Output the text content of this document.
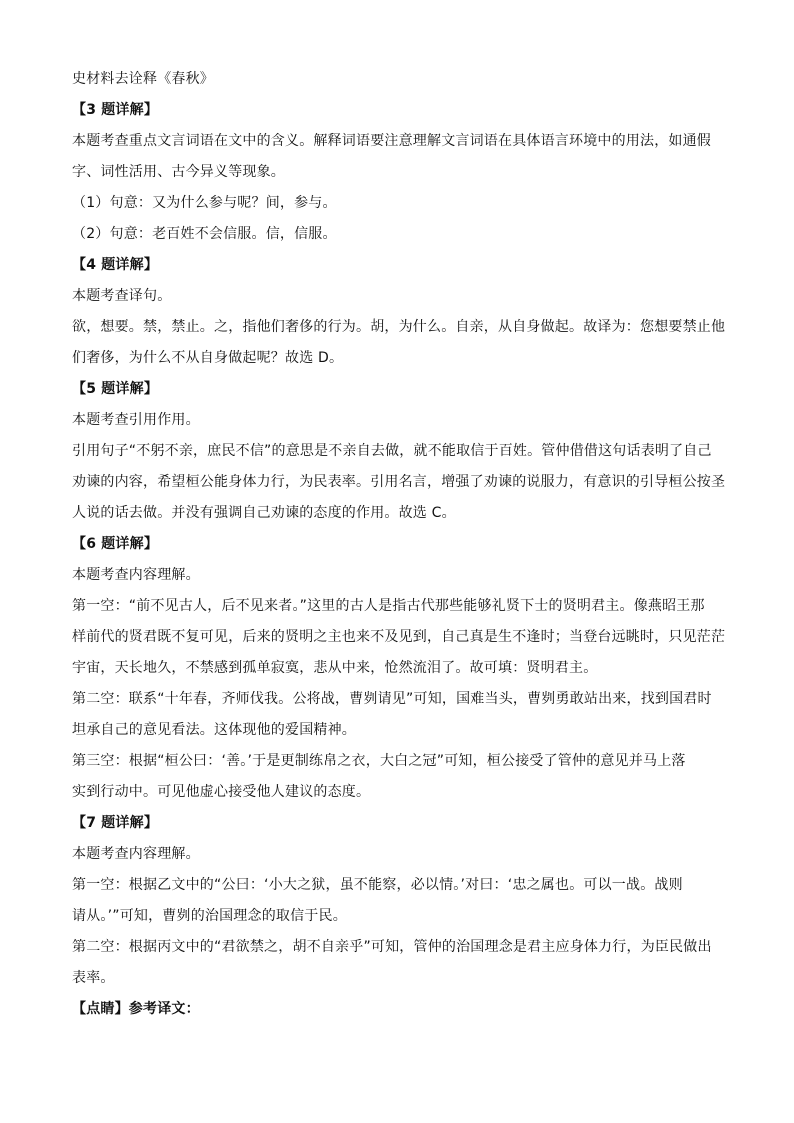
史材料去诠释《春秋》
【3 题详解】
本题考查重点文言词语在文中的含义。解释词语要注意理解文言词语在具体语言环境中的用法，如通假
字、词性活用、古今异义等现象。
（1）句意：又为什么参与呢？间，参与。
（2）句意：老百姓不会信服。信，信服。
【4 题详解】
本题考查译句。
欲，想要。禁，禁止。之，指他们奢侈的行为。胡，为什么。自亲，从自身做起。故译为：您想要禁止他
们奢侈，为什么不从自身做起呢？故选 D。
【5 题详解】
本题考查引用作用。
引用句子“不躬不亲，庶民不信”的意思是不亲自去做，就不能取信于百姓。管仲借借这句话表明了自己
劝谏的内容，希望桓公能身体力行，为民表率。引用名言，增强了劝谏的说服力，有意识的引导桓公按圣
人说的话去做。并没有强调自己劝谏的态度的作用。故选 C。
【6 题详解】
本题考查内容理解。
第一空：“前不见古人，后不见来者。”这里的古人是指古代那些能够礼贤下士的贤明君主。像燕昭王那
样前代的贤君既不复可见，后来的贤明之主也来不及见到，自己真是生不逢时；当登台远眺时，只见茫茫
宇宙，天长地久，不禁感到孤单寂寞，悲从中来，怆然流泪了。故可填：贤明君主。
第二空：联系“十年春，齐师伐我。公将战，曹刿请见”可知，国难当头，曹刿勇敢站出来，找到国君时
坦承自己的意见看法。这体现他的爱国精神。
第三空：根据“桓公曰：‘善。’于是更制练帛之衣，大白之冠”可知，桓公接受了管仲的意见并马上落
实到行动中。可见他虚心接受他人建议的态度。
【7 题详解】
本题考查内容理解。
第一空：根据乙文中的“公曰：‘小大之狱，虽不能察，必以情。’对曰：‘忠之属也。可以一战。战则
请从。’”可知，曹刿的治国理念的取信于民。
第二空：根据丙文中的“君欲禁之，胡不自亲乎”可知，管仲的治国理念是君主应身体力行，为臣民做出
表率。
【点睛】参考译文：
